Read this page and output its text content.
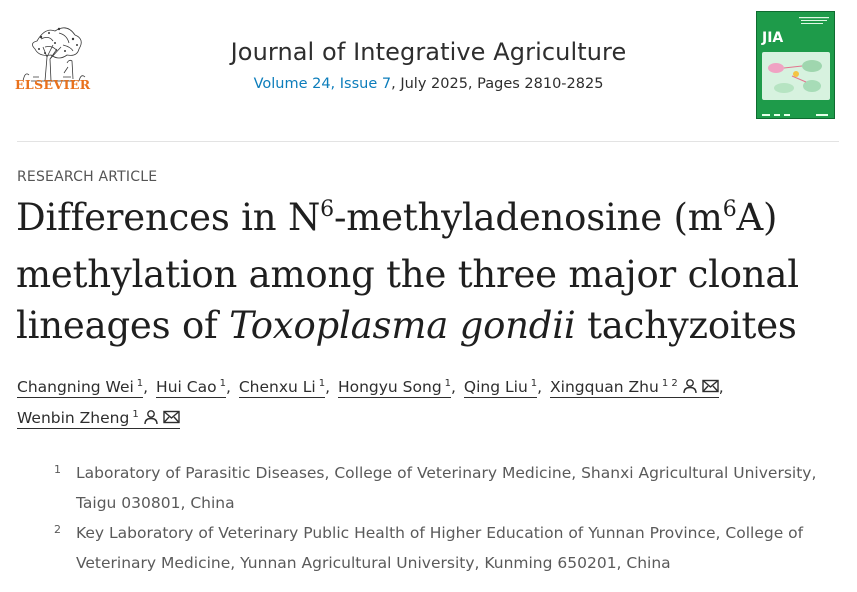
ELSEVIER
Journal of Integrative Agriculture
Volume 24, Issue 7, July 2025, Pages 2810-2825
JIA
RESEARCH ARTICLE
Differences in $N^6$-methyladenosine $(m^6A)$ methylation among the three major clonal lineages of Toxoplasma gondii tachyzoites
Changning Wei $^1$, Hui Cao $^1$, Chenxu Li $^1$, Hongyu Song $^1$, Qing Liu $^1$, Xingquan Zhu $^{1 2}$	,
Wenbin Zheng $^1$
1 Laboratory of Parasitic Diseases, College of Veterinary Medicine, Shanxi Agricultural University, Taigu 030801, China
2 Key Laboratory of Veterinary Public Health of Higher Education of Yunnan Province, College of Veterinary Medicine, Yunnan Agricultural University, Kunming 650201, China
